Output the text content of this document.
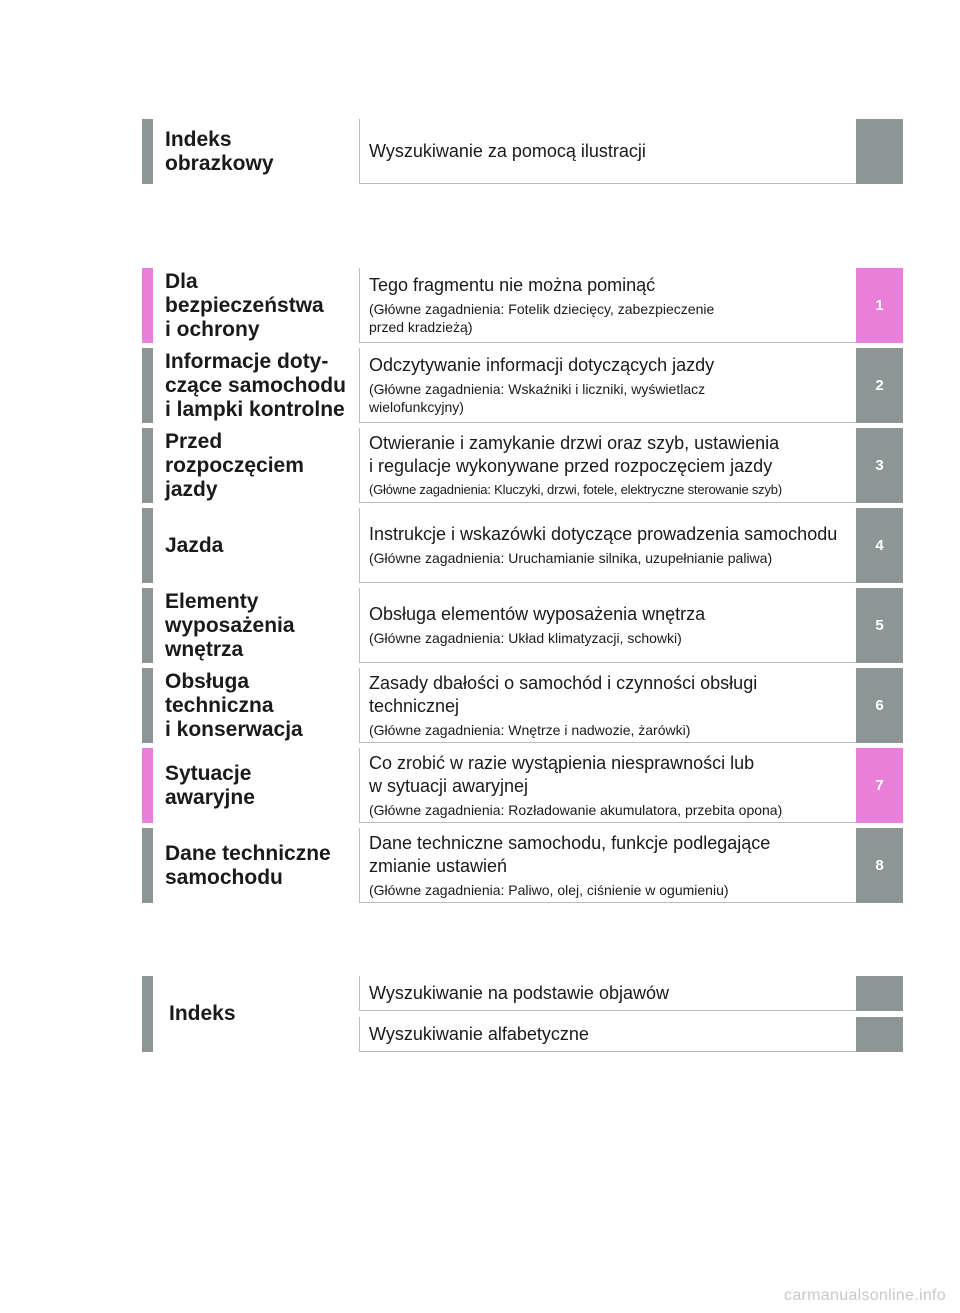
Indeks
obrazkowy
Wyszukiwanie za pomocą ilustracji
Dla
bezpieczeństwa
i ochrony
Tego fragmentu nie można pominąć
(Główne zagadnienia: Fotelik dziecięcy, zabezpieczenie
przed kradzieżą)
1
Informacje doty-
czące samochodu
i lampki kontrolne
Odczytywanie informacji dotyczących jazdy
(Główne zagadnienia: Wskaźniki i liczniki, wyświetlacz
wielofunkcyjny)
2
Przed
rozpoczęciem
jazdy
Otwieranie i zamykanie drzwi oraz szyb, ustawienia
i regulacje wykonywane przed rozpoczęciem jazdy
(Główne zagadnienia: Kluczyki, drzwi, fotele, elektryczne sterowanie szyb)
3
Jazda	Instrukcje i wskazówki dotyczące prowadzenia samochodu
(Główne zagadnienia: Uruchamianie silnika, uzupełnianie paliwa)
4
Elementy
wyposażenia
wnętrza
Obsługa elementów wyposażenia wnętrza
(Główne zagadnienia: Układ klimatyzacji, schowki)
5
Obsługa
techniczna
i konserwacja
Zasady dbałości o samochód i czynności obsługi
technicznej
(Główne zagadnienia: Wnętrze i nadwozie, żarówki)
6
Sytuacje
awaryjne
Co zrobić w razie wystąpienia niesprawności lub
w sytuacji awaryjnej
(Główne zagadnienia: Rozładowanie akumulatora, przebita opona)
7
Dane techniczne
samochodu
Dane techniczne samochodu, funkcje podlegające
zmianie ustawień
(Główne zagadnienia: Paliwo, olej, ciśnienie w ogumieniu)
8
Indeks
Wyszukiwanie na podstawie objawów
Wyszukiwanie alfabetyczne
carmanualsonline.info
